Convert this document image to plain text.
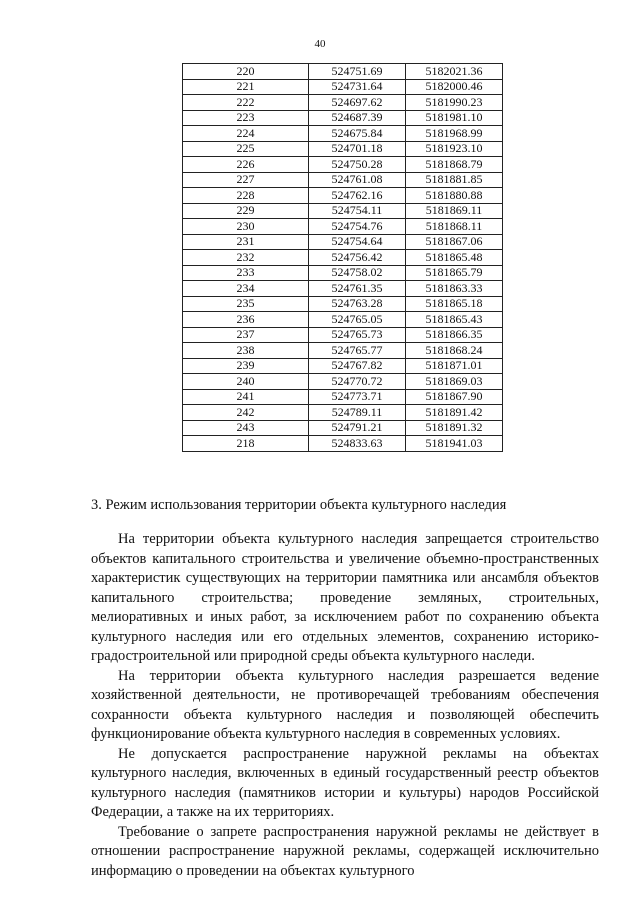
40
220	524751.69	5182021.36
221	524731.64	5182000.46
222	524697.62	5181990.23
223	524687.39	5181981.10
224	524675.84	5181968.99
225	524701.18	5181923.10
226	524750.28	5181868.79
227	524761.08	5181881.85
228	524762.16	5181880.88
229	524754.11	5181869.11
230	524754.76	5181868.11
231	524754.64	5181867.06
232	524756.42	5181865.48
233	524758.02	5181865.79
234	524761.35	5181863.33
235	524763.28	5181865.18
236	524765.05	5181865.43
237	524765.73	5181866.35
238	524765.77	5181868.24
239	524767.82	5181871.01
240	524770.72	5181869.03
241	524773.71	5181867.90
242	524789.11	5181891.42
243	524791.21	5181891.32
218	524833.63	5181941.03
3. Режим использования территории объекта культурного наследия

На территории объекта культурного наследия запрещается строительство объектов капитального строительства и увеличение объемно-пространственных характеристик существующих на территории памятника или ансамбля объектов капитального строительства; проведение земляных, строительных, мелиоративных и иных работ, за исключением работ по сохранению объекта культурного наследия или его отдельных элементов, сохранению историко-градостроительной или природной среды объекта культурного наследи.

На территории объекта культурного наследия разрешается ведение хозяйственной деятельности, не противоречащей требованиям обеспечения сохранности объекта культурного наследия и позволяющей обеспечить функционирование объекта культурного наследия в современных условиях.

Не допускается распространение наружной рекламы на объектах культурного наследия, включенных в единый государственный реестр объектов культурного наследия (памятников истории и культуры) народов Российской Федерации, а также на их территориях.

Требование о запрете распространения наружной рекламы не действует в отношении распространение наружной рекламы, содержащей исключительно информацию о проведении на объектах культурного
